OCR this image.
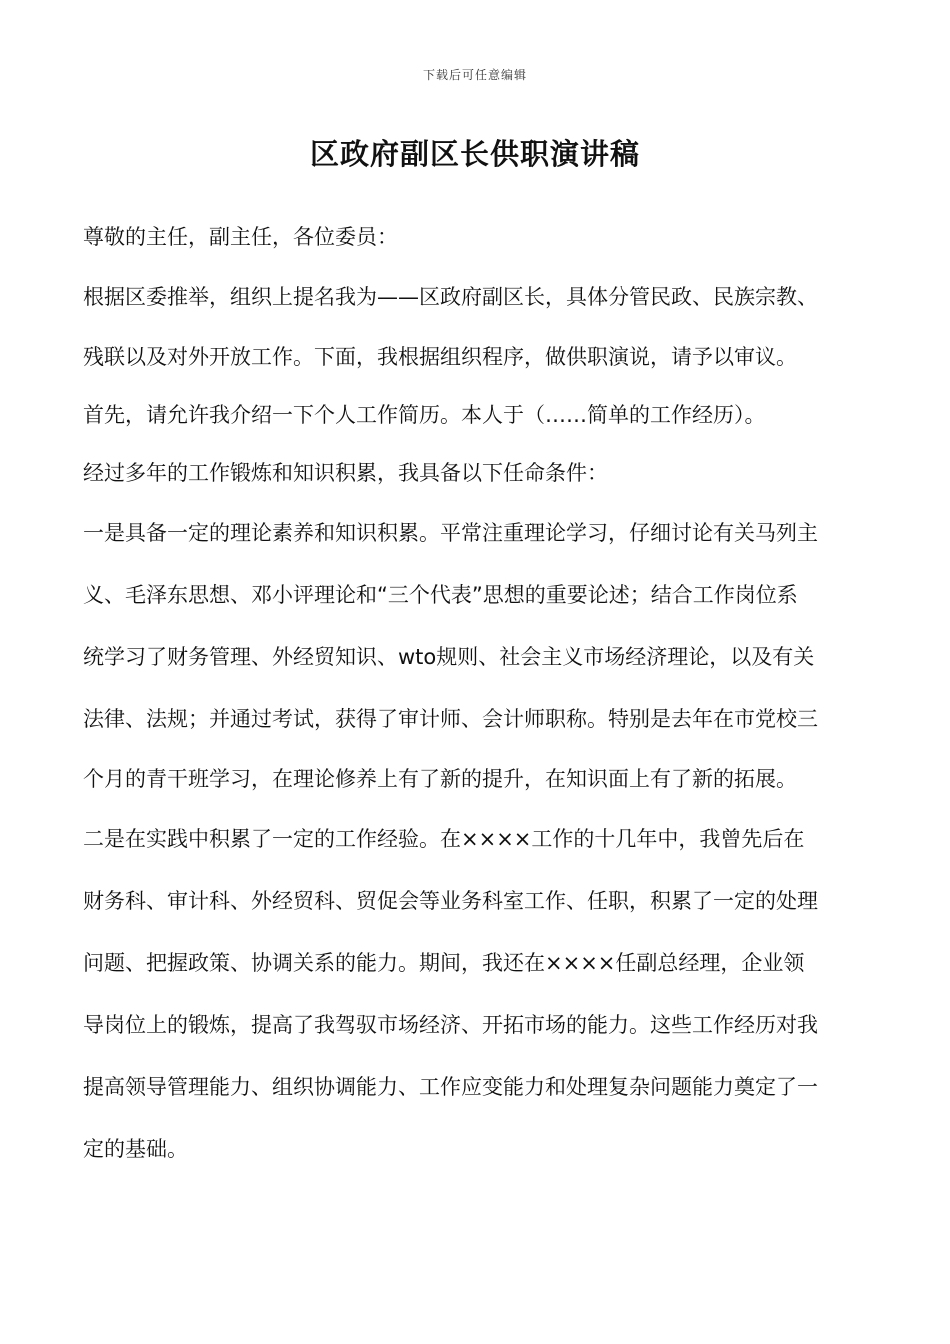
下载后可任意编辑
区政府副区长供职演讲稿
尊敬的主任，副主任，各位委员：
根据区委推举，组织上提名我为——区政府副区长，具体分管民政、民族宗教、
残联以及对外开放工作。下面，我根据组织程序，做供职演说，请予以审议。
首先，请允许我介绍一下个人工作简历。本人于（……简单的工作经历）。
经过多年的工作锻炼和知识积累，我具备以下任命条件：
一是具备一定的理论素养和知识积累。平常注重理论学习，仔细讨论有关马列主
义、毛泽东思想、邓小评理论和“三个代表”思想的重要论述；结合工作岗位系
统学习了财务管理、外经贸知识、wto规则、社会主义市场经济理论，以及有关
法律、法规；并通过考试，获得了审计师、会计师职称。特别是去年在市党校三
个月的青干班学习，在理论修养上有了新的提升，在知识面上有了新的拓展。
二是在实践中积累了一定的工作经验。在××××工作的十几年中，我曾先后在
财务科、审计科、外经贸科、贸促会等业务科室工作、任职，积累了一定的处理
问题、把握政策、协调关系的能力。期间，我还在××××任副总经理，企业领
导岗位上的锻炼，提高了我驾驭市场经济、开拓市场的能力。这些工作经历对我
提高领导管理能力、组织协调能力、工作应变能力和处理复杂问题能力奠定了一
定的基础。
